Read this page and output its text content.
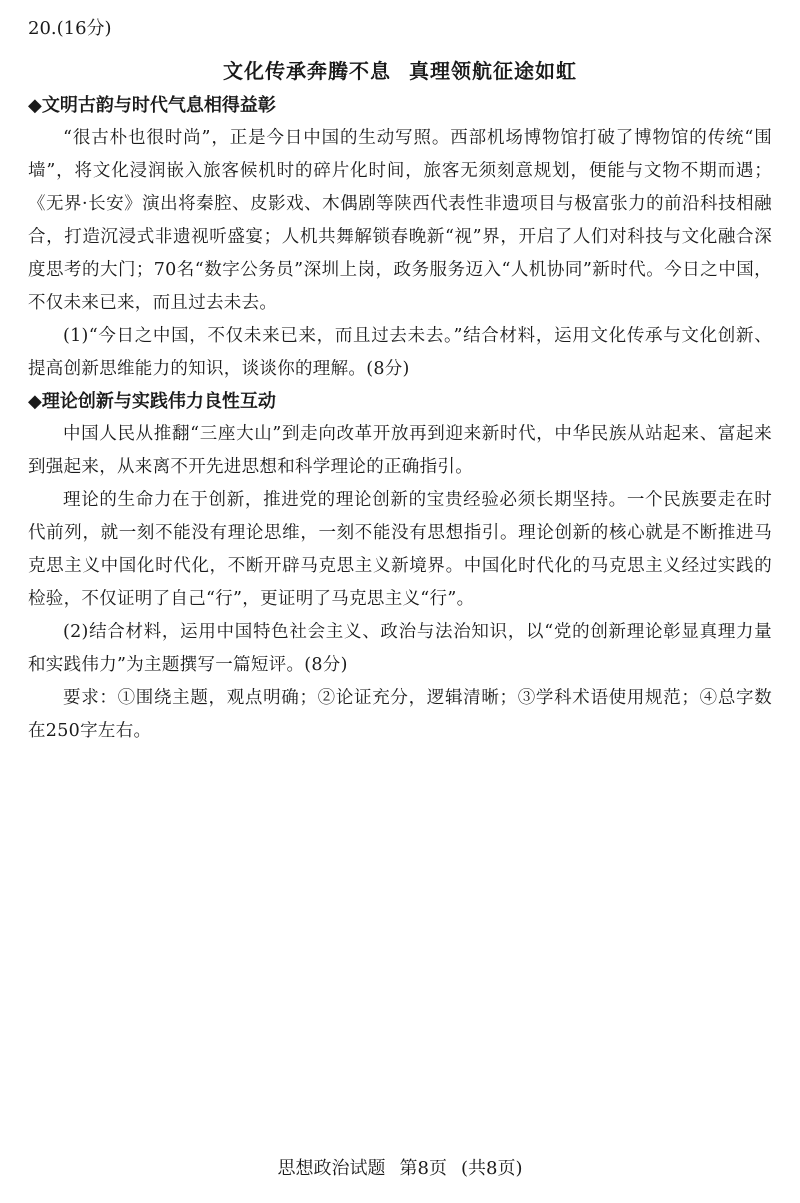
20.(16分)
文化传承奔腾不息 真理领航征途如虹

◆文明古韵与时代气息相得益彰

“很古朴也很时尚”，正是今日中国的生动写照。西部机场博物馆打破了博物馆的传统“围墙”，将文化浸润嵌入旅客候机时的碎片化时间，旅客无须刻意规划，便能与文物不期而遇；《无界·长安》演出将秦腔、皮影戏、木偶剧等陕西代表性非遗项目与极富张力的前沿科技相融合，打造沉浸式非遗视听盛宴；人机共舞解锁春晚新“视”界，开启了人们对科技与文化融合深度思考的大门；70名“数字公务员”深圳上岗，政务服务迈入“人机协同”新时代。今日之中国，不仅未来已来，而且过去未去。

(1)“今日之中国，不仅未来已来，而且过去未去。”结合材料，运用文化传承与文化创新、提高创新思维能力的知识，谈谈你的理解。(8分)

◆理论创新与实践伟力良性互动

中国人民从推翻“三座大山”到走向改革开放再到迎来新时代，中华民族从站起来、富起来到强起来，从来离不开先进思想和科学理论的正确指引。

理论的生命力在于创新，推进党的理论创新的宝贵经验必须长期坚持。一个民族要走在时代前列，就一刻不能没有理论思维，一刻不能没有思想指引。理论创新的核心就是不断推进马克思主义中国化时代化，不断开辟马克思主义新境界。中国化时代化的马克思主义经过实践的检验，不仅证明了自己“行”，更证明了马克思主义“行”。

(2)结合材料，运用中国特色社会主义、政治与法治知识，以“党的创新理论彰显真理力量和实践伟力”为主题撰写一篇短评。(8分)

要求：①围绕主题，观点明确；②论证充分，逻辑清晰；③学科术语使用规范；④总字数在250字左右。

思想政治试题 第8页 (共8页)
